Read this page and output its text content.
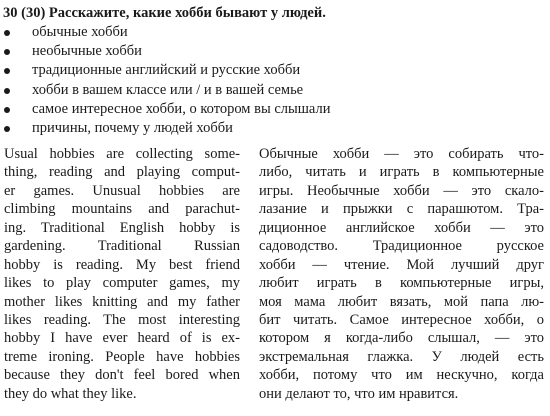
30 (30) Расскажите, какие хобби бывают у людей.
обычные хобби
необычные хобби
традиционные английский и русские хобби
хобби в вашем классе или / и в вашей семье
самое интересное хобби, о котором вы слышали
причины, почему у людей хобби
Usual hobbies are collecting some-
thing, reading and playing comput-
er games. Unusual hobbies are
climbing mountains and parachut-
ing. Traditional English hobby is
gardening. Traditional Russian
hobby is reading. My best friend
likes to play computer games, my
mother likes knitting and my father
likes reading. The most interesting
hobby I have ever heard of is ex-
treme ironing. People have hobbies
because they don't feel bored when
they do what they like.
Обычные хобби — это собирать что-
либо, читать и играть в компьютерные
игры. Необычные хобби — это скало-
лазание и прыжки с парашютом. Тра-
диционное английское хобби — это
садоводство. Традиционное русское
хобби — чтение. Мой лучший друг
любит играть в компьютерные игры,
моя мама любит вязать, мой папа лю-
бит читать. Самое интересное хобби, о
котором я когда-либо слышал, — это
экстремальная глажка. У людей есть
хобби, потому что им нескучно, когда
они делают то, что им нравится.
